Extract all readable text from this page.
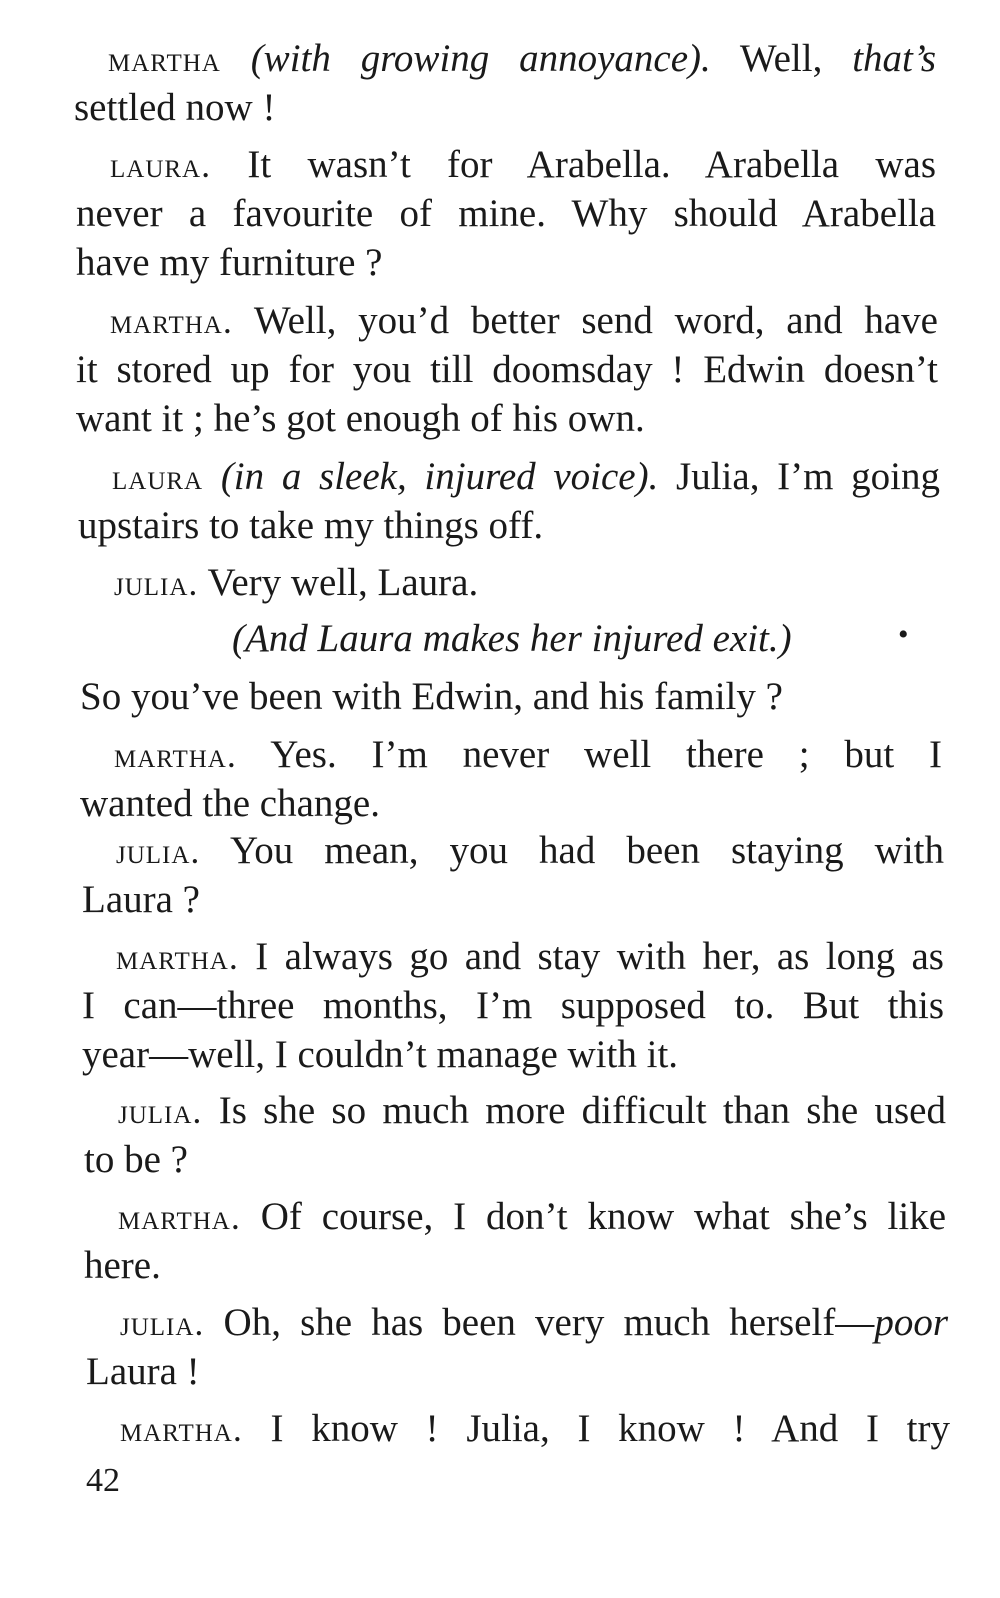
martha (with growing annoyance). Well, that’s
settled now !
laura. It wasn’t for Arabella. Arabella was
never a favourite of mine. Why should Arabella
have my furniture ?
martha. Well, you’d better send word, and have
it stored up for you till doomsday ! Edwin doesn’t
want it ; he’s got enough of his own.
laura (in a sleek, injured voice). Julia, I’m going
upstairs to take my things off.
julia. Very well, Laura.
(And Laura makes her injured exit.)	•
So you’ve been with Edwin, and his family ?
martha. Yes. I’m never well there ; but I
wanted the change.
julia. You mean, you had been staying with
Laura ?
martha. I always go and stay with her, as long as
I can—three months, I’m supposed to. But this
year—well, I couldn’t manage with it.
julia. Is she so much more difficult than she used
to be ?
martha. Of course, I don’t know what she’s like
here.
julia. Oh, she has been very much herself—poor
Laura !
martha. I know ! Julia, I know ! And I try
42
